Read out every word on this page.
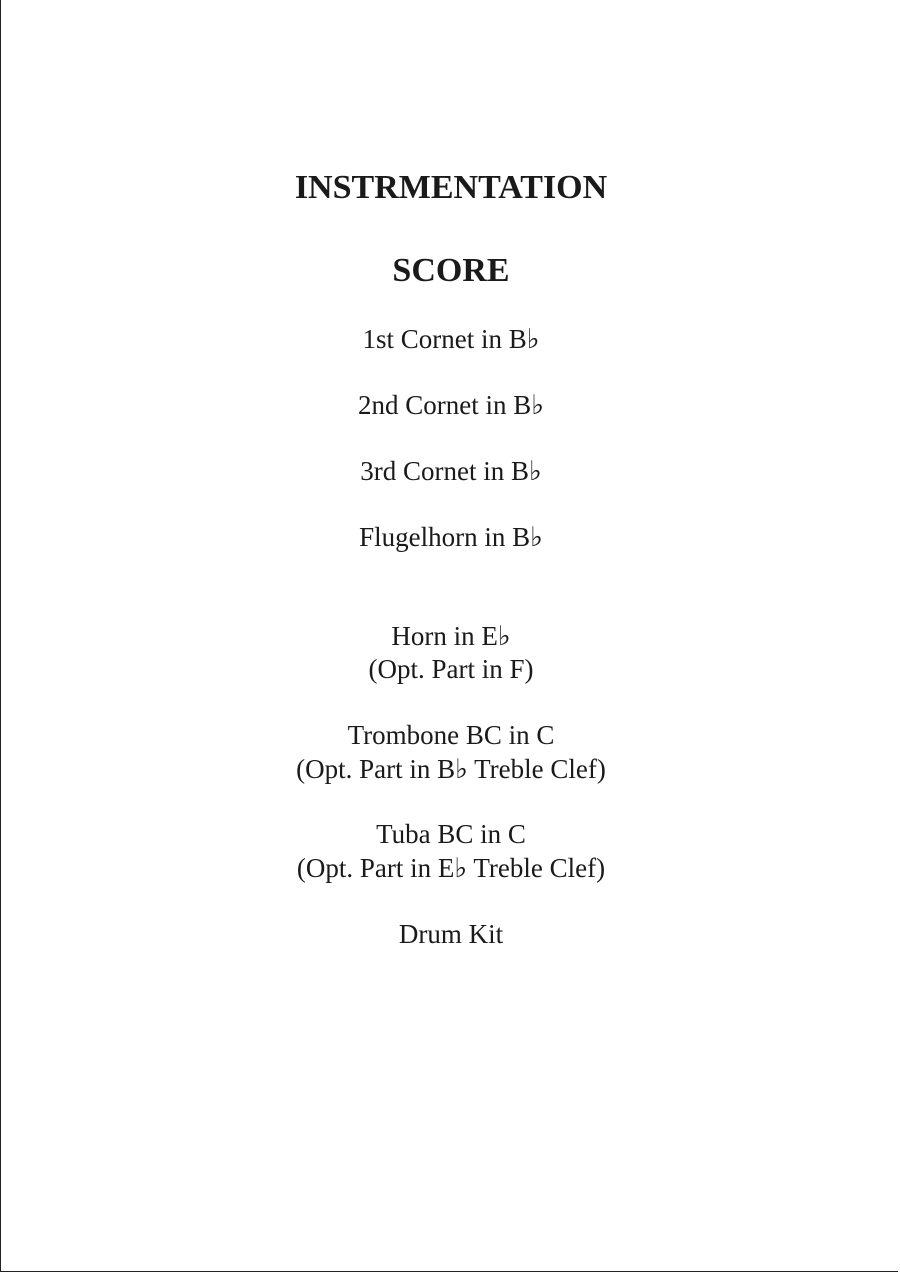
INSTRMENTATION
SCORE
1st Cornet in B♭
2nd Cornet in B♭
3rd Cornet in B♭
Flugelhorn in B♭
Horn in E♭
(Opt. Part in F)
Trombone BC in C
(Opt. Part in B♭ Treble Clef)
Tuba BC in C
(Opt. Part in E♭ Treble Clef)
Drum Kit
